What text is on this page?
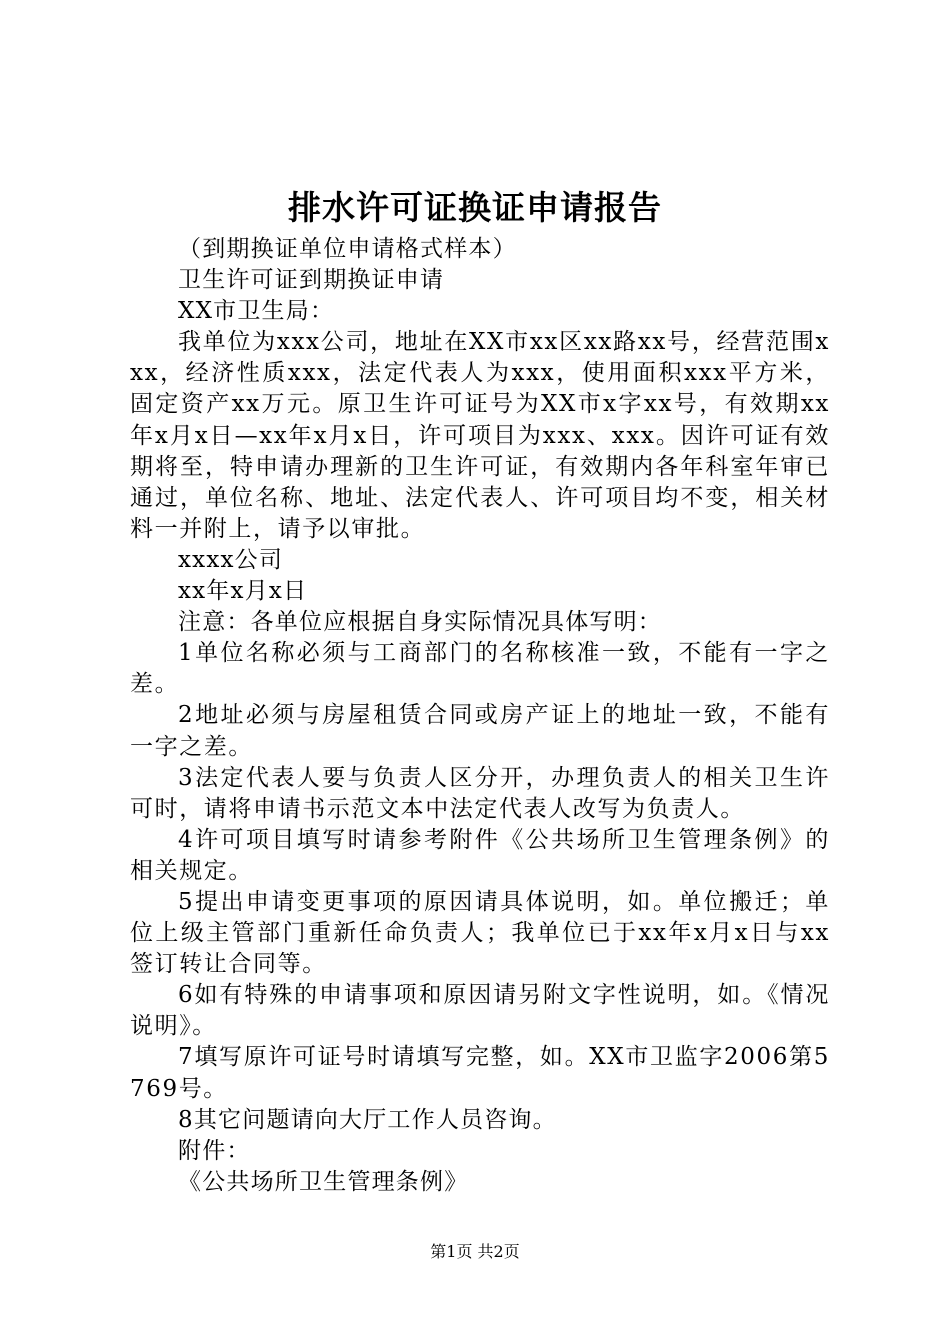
排水许可证换证申请报告
（到期换证单位申请格式样本）
卫生许可证到期换证申请
XX市卫生局：
我单位为xxx公司，地址在XX市xx区xx路xx号，经营范围xxx，经济性质xxx，法定代表人为xxx，使用面积xxx平方米，固定资产xx万元。原卫生许可证号为XX市x字xx号，有效期xx年x月x日—xx年x月x日，许可项目为xxx、xxx。因许可证有效期将至，特申请办理新的卫生许可证，有效期内各年科室年审已通过，单位名称、地址、法定代表人、许可项目均不变，相关材料一并附上，请予以审批。
xxxx公司
xx年x月x日
注意：各单位应根据自身实际情况具体写明：
1单位名称必须与工商部门的名称核准一致，不能有一字之差。
2地址必须与房屋租赁合同或房产证上的地址一致，不能有一字之差。
3法定代表人要与负责人区分开，办理负责人的相关卫生许可时，请将申请书示范文本中法定代表人改写为负责人。
4许可项目填写时请参考附件《公共场所卫生管理条例》的相关规定。
5提出申请变更事项的原因请具体说明，如。单位搬迁；单位上级主管部门重新任命负责人；我单位已于xx年x月x日与xx签订转让合同等。
6如有特殊的申请事项和原因请另附文字性说明，如。《情况说明》。
7填写原许可证号时请填写完整，如。XX市卫监字2006第5769号。
8其它问题请向大厅工作人员咨询。
附件：
《公共场所卫生管理条例》
第1页 共2页
